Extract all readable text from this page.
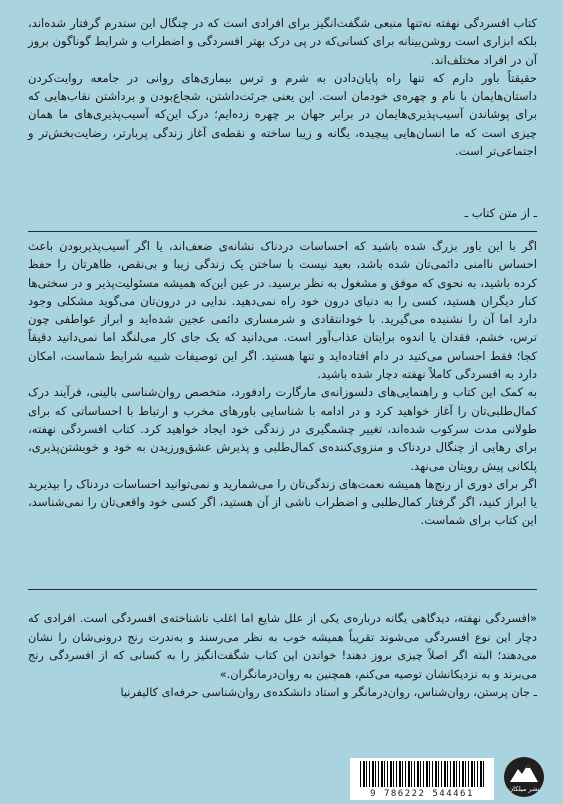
کتاب افسردگی نهفته نه‌تنها منبعی شگفت‌انگیز برای افرادی است که در چنگال این سندرم گرفتار شده‌اند، بلکه ابزاری است روشن‌بینانه برای کسانی‌که در پی درک بهتر افسردگی و اضطراب و شرایط گوناگون بروز آن در افراد مختلف‌اند.

حقیقتاً باور دارم که تنها راه پایان‌دادن به شرم و ترس بیماری‌های روانی در جامعه روایت‌کردن داستان‌هایمان با نام و چهره‌ی خودمان است. این یعنی جرئت‌داشتن، شجاع‌بودن و برداشتن نقاب‌هایی که برای پوشاندن آسیب‌پذیری‌هایمان در برابر جهان بر چهره زده‌ایم؛ درک این‌که آسیب‌پذیری‌های ما همان چیزی است که ما انسان‌هایی پیچیده، یگانه و زیبا ساخته و نقطه‌ی آغاز زندگی پربارتر، رضایت‌بخش‌تر و اجتماعی‌تر است.

ـ از متن کتاب ـ

اگر با این باور بزرگ شده باشید که احساسات دردناک نشانه‌ی ضعف‌اند، یا اگر آسیب‌پذیربودن باعث احساس ناامنی دائمی‌تان شده باشد، بعید نیست با ساختن یک زندگی زیبا و بی‌نقص، ظاهرتان را حفظ کرده باشید، به نحوی که موفق و مشغول به نظر برسید. در عین این‌که همیشه مسئولیت‌پذیر و در سختی‌ها کنار دیگران هستید، کسی را به دنیای درون خود راه نمی‌دهید. ندایی در درون‌تان می‌گوید مشکلی وجود دارد اما آن را نشنیده می‌گیرید. با خودانتقادی و شرمساری دائمی عجین شده‌اید و ابراز عواطفی چون ترس، خشم، فقدان یا اندوه برایتان عذاب‌آور است. می‌دانید که یک جای کار می‌لنگد اما نمی‌دانید دقیقاً کجا؛ فقط احساس می‌کنید در دام افتاده‌اید و تنها هستید. اگر این توصیفات شبیه شرایط شماست، امکان دارد به افسردگی کاملاً نهفته دچار شده باشید.

به کمک این کتاب و راهنمایی‌های دلسوزانه‌ی مارگارت رادفورد، متخصص روان‌شناسی بالینی، فرآیند درک کمال‌طلبی‌تان را آغاز خواهید کرد و در ادامه با شناسایی باورهای مخرب و ارتباط با احساساتی که برای طولانی مدت سرکوب شده‌اند، تغییر چشمگیری در زندگی خود ایجاد خواهید کرد. کتاب افسردگی نهفته، برای رهایی از چنگال دردناک و منزوی‌کننده‌ی کمال‌طلبی و پذیرش عشق‌ورزیدن به خود و خویشتن‌پذیری، پلکانی پیش رویتان می‌نهد.

اگر برای دوری از رنج‌ها همیشه نعمت‌های زندگی‌تان را می‌شمارید و نمی‌توانید احساسات دردناک را بپذیرید یا ابراز کنید، اگر گرفتار کمال‌طلبی و اضطراب ناشی از آن هستید، اگر کسی خود واقعی‌تان را نمی‌شناسد، این کتاب برای شماست.

«افسردگی نهفته، دیدگاهی یگانه درباره‌ی یکی از علل شایع اما اغلب ناشناخته‌ی افسردگی است. افرادی که دچار این نوع افسردگی می‌شوند تقریباً همیشه خوب به نظر می‌رسند و به‌ندرت رنج درونی‌شان را نشان می‌دهند؛ البته اگر اصلاً چیزی بروز دهند! خواندن این کتاب شگفت‌انگیز را به کسانی که از افسردگی رنج می‌برند و به نزدیکانشان توصیه می‌کنم، همچنین به روان‌درمانگران.»

ـ جان پرستن، روان‌شناس، روان‌درمانگر و استاد دانشکده‌ی روان‌شناسی حرفه‌ای کالیفرنیا

9 786222 544461	نشر میلکان
